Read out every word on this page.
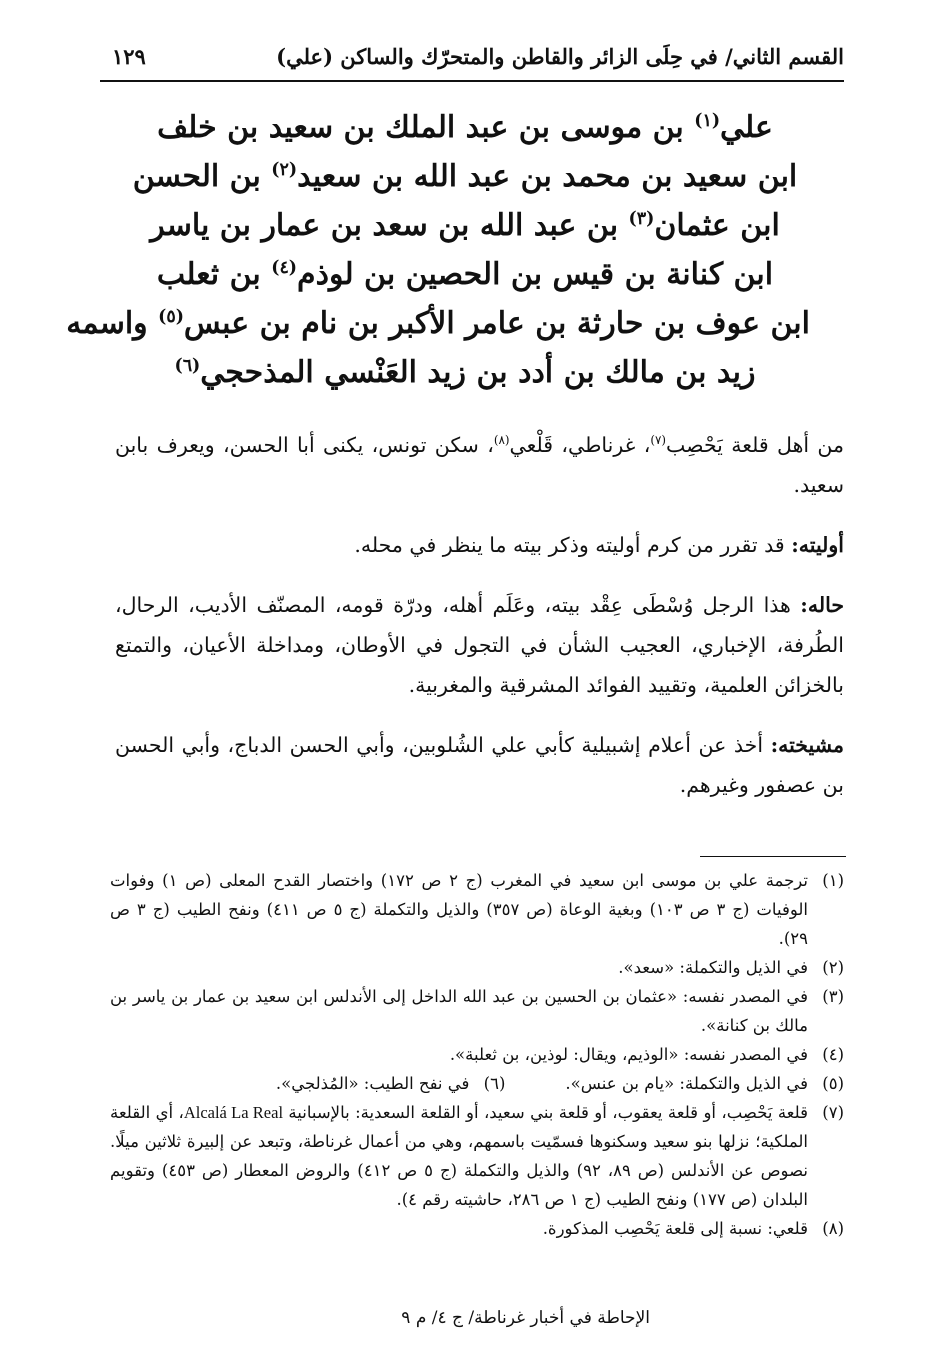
القسم الثاني/ في حِلَى الزائر والقاطن والمتحرّك والساكن (علي)
١٢٩
علي$^{(١)}$ بن موسى بن عبد الملك بن سعيد بن خلف
ابن سعيد بن محمد بن عبد الله بن سعيد$^{(٢)}$ بن الحسن
ابن عثمان$^{(٣)}$ بن عبد الله بن سعد بن عمار بن ياسر
ابن كنانة بن قيس بن الحصين بن لوذم$^{(٤)}$ بن ثعلب
ابن عوف بن حارثة بن عامر الأكبر بن نام بن عبس$^{(٥)}$ واسمه
زيد بن مالك بن أدد بن زيد العَنْسي المذحجي$^{(٦)}$

من أهل قلعة يَحْصِب$^{(٧)}$، غرناطي، قَلْعي$^{(٨)}$، سكن تونس، يكنى أبا الحسن، ويعرف بابن سعيد.

أوليته: قد تقرر من كرم أوليته وذكر بيته ما ينظر في محله.

حاله: هذا الرجل وُسْطَى عِقْد بيته، وعَلَم أهله، ودرّة قومه، المصنّف الأديب، الرحال، الطُرفة، الإخباري، العجيب الشأن في التجول في الأوطان، ومداخلة الأعيان، والتمتع بالخزائن العلمية، وتقييد الفوائد المشرقية والمغربية.

مشيخته: أخذ عن أعلام إشبيلية كأبي علي الشُلوبين، وأبي الحسن الدباج، وأبي الحسن بن عصفور وغيرهم.

(١)
ترجمة علي بن موسى ابن سعيد في المغرب (ج ٢ ص ١٧٢) واختصار القدح المعلى (ص ١) وفوات الوفيات (ج ٣ ص ١٠٣) وبغية الوعاة (ص ٣٥٧) والذيل والتكملة (ج ٥ ص ٤١١) ونفح الطيب (ج ٣ ص ٢٩).
(٢)
في الذيل والتكملة: «سعد».
(٣)
في المصدر نفسه: «عثمان بن الحسين بن عبد الله الداخل إلى الأندلس ابن سعيد بن عمار بن ياسر بن مالك بن كنانة».
(٤)
في المصدر نفسه: «الوذيم، ويقال: لوذين، بن ثعلبة».
(٥)
في الذيل والتكملة: «يام بن عنس».
(٦)
في نفح الطيب: «المُذلجي».
(٧)
قلعة يَحْصِب، أو قلعة يعقوب، أو قلعة بني سعيد، أو القلعة السعدية: بالإسبانية Alcalá La Real، أي القلعة الملكية؛ نزلها بنو سعيد وسكنوها فسمّيت باسمهم، وهي من أعمال غرناطة، وتبعد عن إلبيرة ثلاثين ميلًا. نصوص عن الأندلس (ص ٨٩، ٩٢) والذيل والتكملة (ج ٥ ص ٤١٢) والروض المعطار (ص ٤٥٣) وتقويم البلدان (ص ١٧٧) ونفح الطيب (ج ١ ص ٢٨٦، حاشيته رقم ٤).
(٨)
قلعي: نسبة إلى قلعة يَحْصِب المذكورة.
الإحاطة في أخبار غرناطة/ ج ٤/ م ٩
